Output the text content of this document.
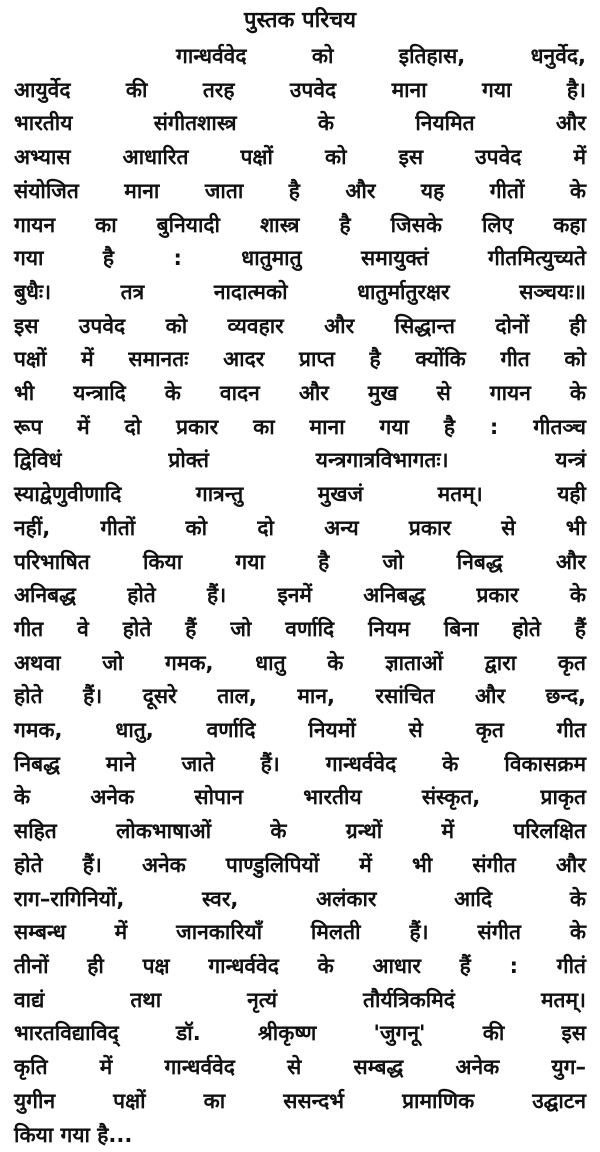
पुस्तक परिचय
गान्धर्ववेद को इतिहास, धनुर्वेद,
आयुर्वेद की तरह उपवेद माना गया है।
भारतीय संगीतशास्त्र के नियमित और
अभ्यास आधारित पक्षों को इस उपवेद में
संयोजित माना जाता है और यह गीतों के
गायन का बुनियादी शास्त्र है जिसके लिए कहा
गया है : धातुमातु समायुक्तं गीतमित्युच्यते
बुधैः। तत्र नादात्मको धातुर्मातुरक्षर सञ्चयः॥
इस उपवेद को व्यवहार और सिद्धान्त दोनों ही
पक्षों में समानतः आदर प्राप्त है क्योंकि गीत को
भी यन्त्रादि के वादन और मुख से गायन के
रूप में दो प्रकार का माना गया है : गीतञ्च
द्विविधं प्रोक्तं यन्त्रगात्रविभागतः। यन्त्रं
स्याद्वेणुवीणादि गात्रन्तु मुखजं मतम्। यही
नहीं, गीतों को दो अन्य प्रकार से भी
परिभाषित किया गया है जो निबद्ध और
अनिबद्ध होते हैं। इनमें अनिबद्ध प्रकार के
गीत वे होते हैं जो वर्णादि नियम बिना होते हैं
अथवा जो गमक, धातु के ज्ञाताओं द्वारा कृत
होते हैं। दूसरे ताल, मान, रसांचित और छन्द,
गमक, धातु, वर्णादि नियमों से कृत गीत
निबद्ध माने जाते हैं। गान्धर्ववेद के विकासक्रम
के अनेक सोपान भारतीय संस्कृत, प्राकृत
सहित लोकभाषाओं के ग्रन्थों में परिलक्षित
होते हैं। अनेक पाण्डुलिपियों में भी संगीत और
राग–रागिनियों, स्वर, अलंकार आदि के
सम्बन्ध में जानकारियाँ मिलती हैं। संगीत के
तीनों ही पक्ष गान्धर्ववेद के आधार हैं : गीतं
वाद्यं तथा नृत्यं तौर्यत्रिकमिदं मतम्।
भारतविद्याविद् डॉ. श्रीकृष्ण 'जुगनू' की इस
कृति में गान्धर्ववेद से सम्बद्ध अनेक युग–
युगीन पक्षों का ससन्दर्भ प्रामाणिक उद्घाटन
किया गया है...
